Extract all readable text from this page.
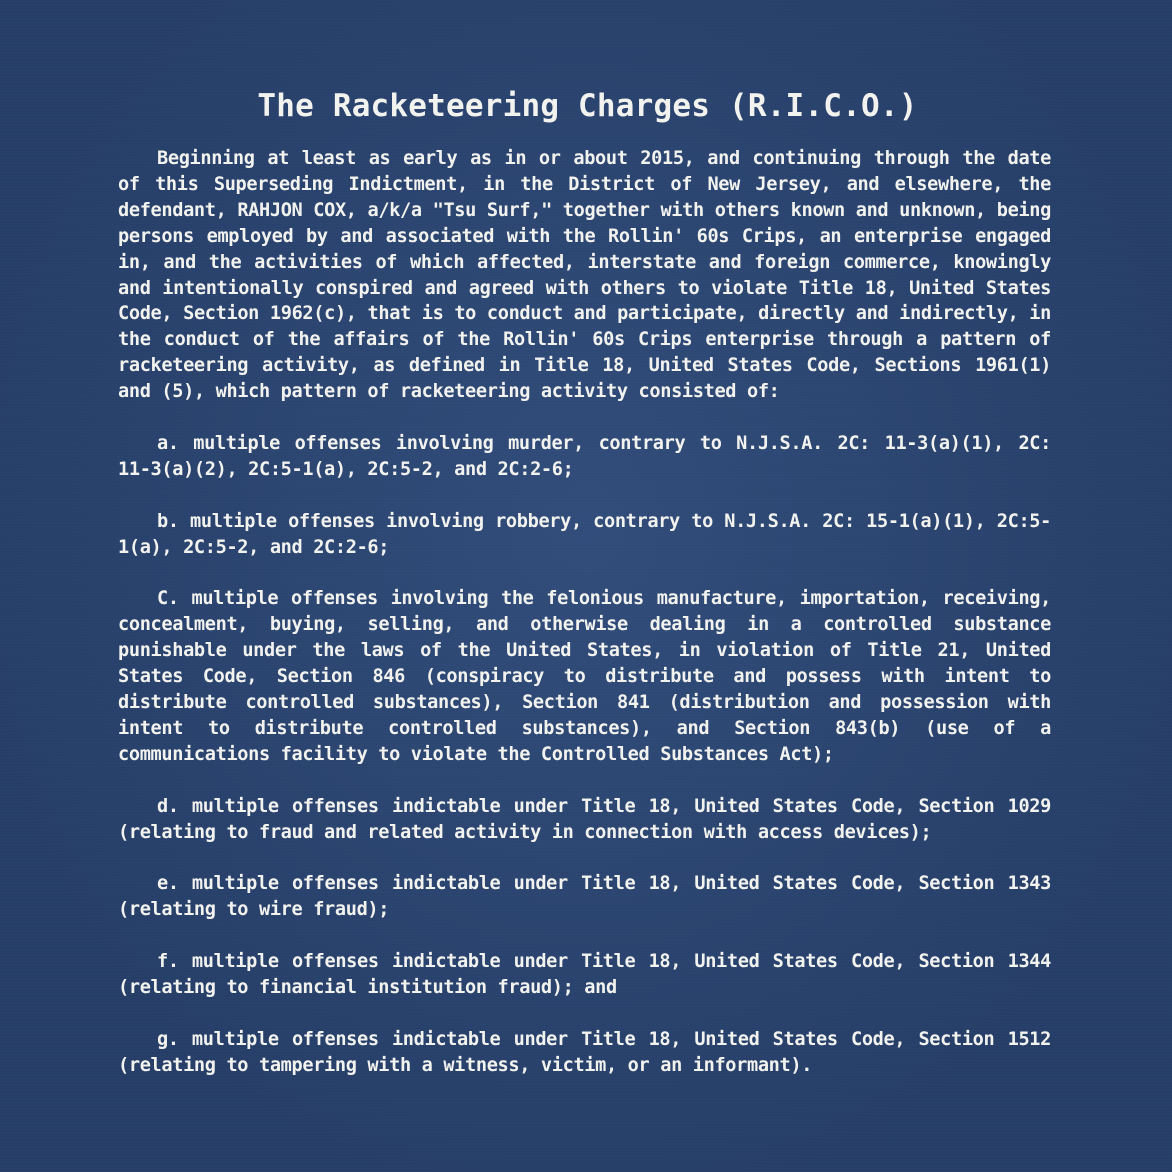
The Racketeering Charges (R.I.C.O.)

Beginning at least as early as in or about 2015, and continuing through the date of this Superseding Indictment, in the District of New Jersey, and elsewhere, the defendant, RAHJON COX, a/k/a "Tsu Surf," together with others known and unknown, being persons employed by and associated with the Rollin' 60s Crips, an enterprise engaged in, and the activities of which affected, interstate and foreign commerce, knowingly and intentionally conspired and agreed with others to violate Title 18, United States Code, Section 1962(c), that is to conduct and participate, directly and indirectly, in the conduct of the affairs of the Rollin' 60s Crips enterprise through a pattern of racketeering activity, as defined in Title 18, United States Code, Sections 1961(1) and (5), which pattern of racketeering activity consisted of:

a. multiple offenses involving murder, contrary to N.J.S.A. 2C: 11-3(a)(1), 2C: 11-3(a)(2), 2C:5-1(a), 2C:5-2, and 2C:2-6;

b. multiple offenses involving robbery, contrary to N.J.S.A. 2C: 15-1(a)(1), 2C:5-1(a), 2C:5-2, and 2C:2-6;

C. multiple offenses involving the felonious manufacture, importation, receiving, concealment, buying, selling, and otherwise dealing in a controlled substance punishable under the laws of the United States, in violation of Title 21, United States Code, Section 846 (conspiracy to distribute and possess with intent to distribute controlled substances), Section 841 (distribution and possession with intent to distribute controlled substances), and Section 843(b) (use of a communications facility to violate the Controlled Substances Act);

d. multiple offenses indictable under Title 18, United States Code, Section 1029 (relating to fraud and related activity in connection with access devices);

e. multiple offenses indictable under Title 18, United States Code, Section 1343 (relating to wire fraud);

f. multiple offenses indictable under Title 18, United States Code, Section 1344 (relating to financial institution fraud); and

g. multiple offenses indictable under Title 18, United States Code, Section 1512 (relating to tampering with a witness, victim, or an informant).
